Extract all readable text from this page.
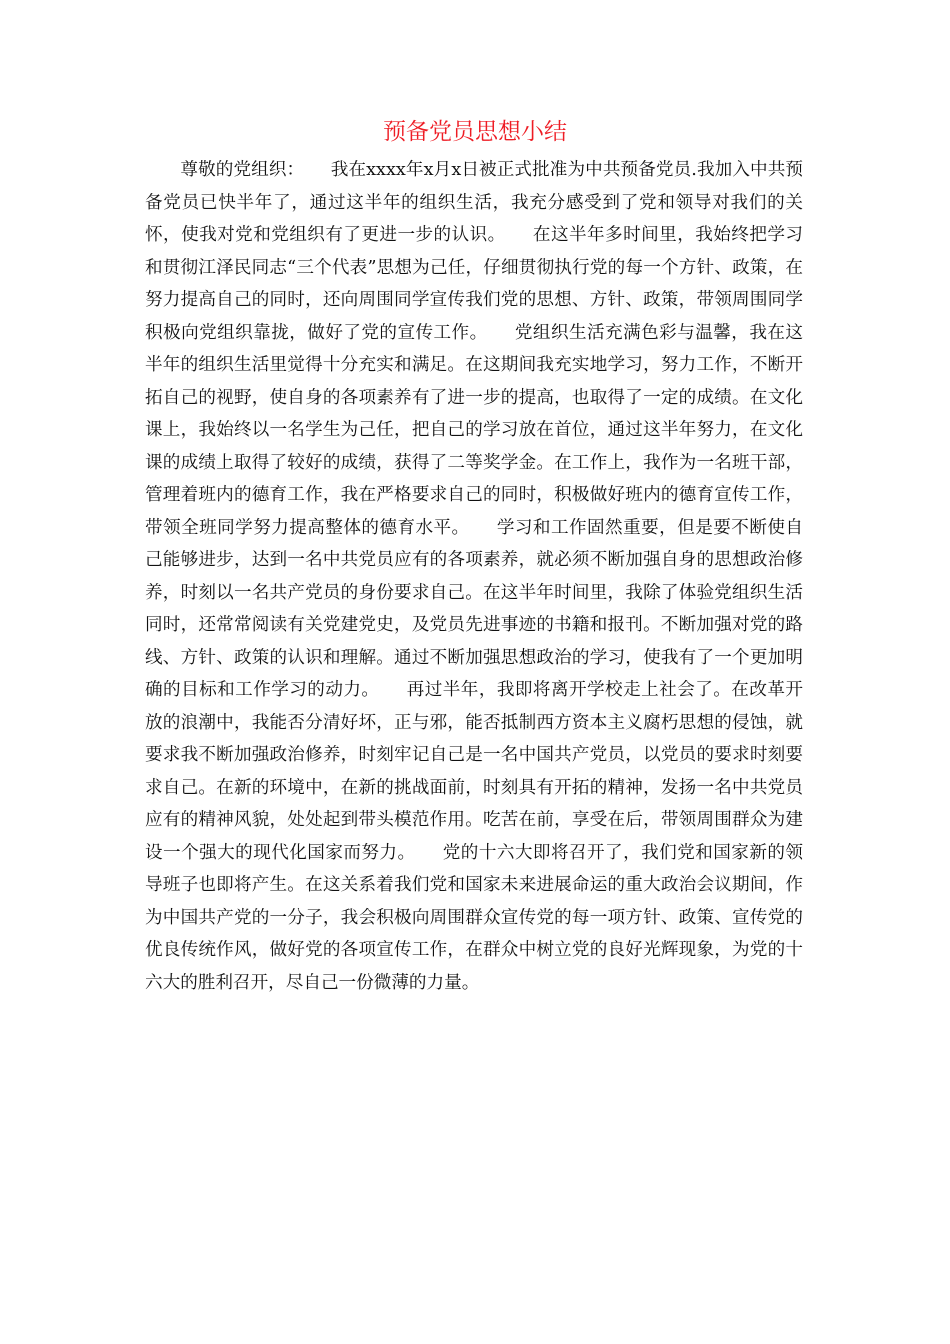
预备党员思想小结

　　尊敬的党组织：　　我在xxxx年x月x日被正式批准为中共预备党员.我加入中共预备党员已快半年了，通过这半年的组织生活，我充分感受到了党和领导对我们的关怀，使我对党和党组织有了更进一步的认识。　　在这半年多时间里，我始终把学习和贯彻江泽民同志“三个代表”思想为己任，仔细贯彻执行党的每一个方针、政策，在努力提高自己的同时，还向周围同学宣传我们党的思想、方针、政策，带领周围同学积极向党组织靠拢，做好了党的宣传工作。　　党组织生活充满色彩与温馨，我在这半年的组织生活里觉得十分充实和满足。在这期间我充实地学习，努力工作，不断开拓自己的视野，使自身的各项素养有了进一步的提高，也取得了一定的成绩。在文化课上，我始终以一名学生为己任，把自己的学习放在首位，通过这半年努力，在文化课的成绩上取得了较好的成绩，获得了二等奖学金。在工作上，我作为一名班干部，管理着班内的德育工作，我在严格要求自己的同时，积极做好班内的德育宣传工作，带领全班同学努力提高整体的德育水平。　　学习和工作固然重要，但是要不断使自己能够进步，达到一名中共党员应有的各项素养，就必须不断加强自身的思想政治修养，时刻以一名共产党员的身份要求自己。在这半年时间里，我除了体验党组织生活同时，还常常阅读有关党建党史，及党员先进事迹的书籍和报刊。不断加强对党的路线、方针、政策的认识和理解。通过不断加强思想政治的学习，使我有了一个更加明确的目标和工作学习的动力。　　再过半年，我即将离开学校走上社会了。在改革开放的浪潮中，我能否分清好坏，正与邪，能否抵制西方资本主义腐朽思想的侵蚀，就要求我不断加强政治修养，时刻牢记自己是一名中国共产党员，以党员的要求时刻要求自己。在新的环境中，在新的挑战面前，时刻具有开拓的精神，发扬一名中共党员应有的精神风貌，处处起到带头模范作用。吃苦在前，享受在后，带领周围群众为建设一个强大的现代化国家而努力。　　党的十六大即将召开了，我们党和国家新的领导班子也即将产生。在这关系着我们党和国家未来进展命运的重大政治会议期间，作为中国共产党的一分子，我会积极向周围群众宣传党的每一项方针、政策、宣传党的优良传统作风，做好党的各项宣传工作，在群众中树立党的良好光辉现象，为党的十六大的胜利召开，尽自己一份微薄的力量。
